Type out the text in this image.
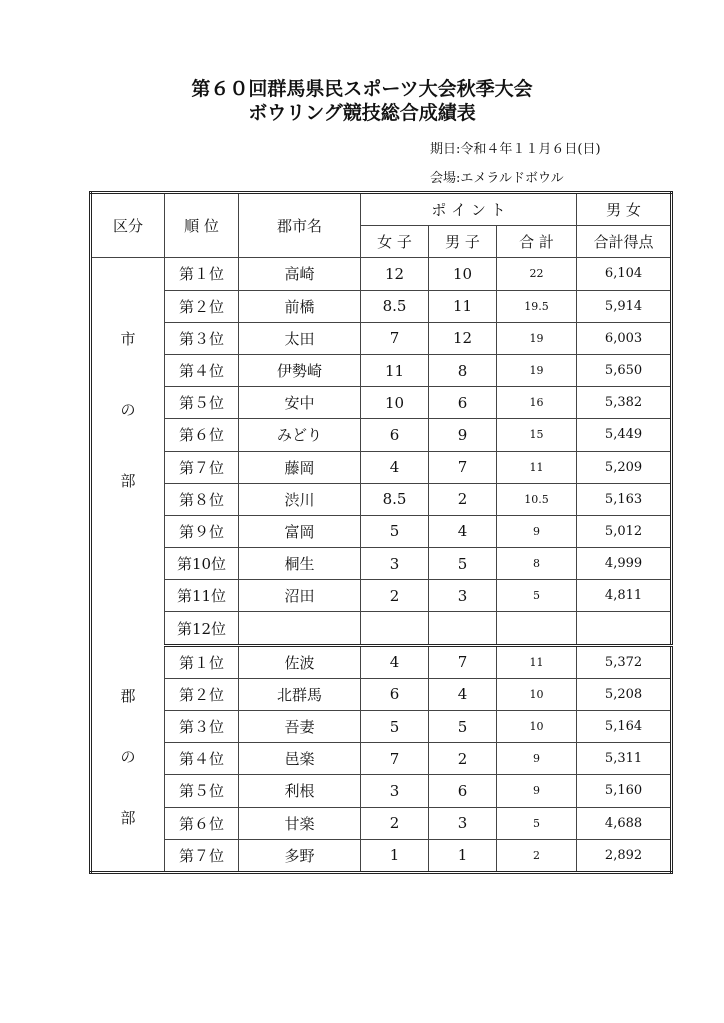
第６０回群馬県民スポーツ大会秋季大会
ボウリング競技総合成績表
期日:令和４年１１月６日(日)
会場:エメラルドボウル
区分	順 位	郡市名	ポ イ ン ト			男 女
			女 子	男 子	合 計	合計得点

市
の
部	第１位	高崎	12	10	22	6,104
	第２位	前橋	8.5	11	19.5	5,914
	第３位	太田	7	12	19	6,003
	第４位	伊勢崎	11	8	19	5,650
	第５位	安中	10	6	16	5,382
	第６位	みどり	6	9	15	5,449
	第７位	藤岡	4	7	11	5,209
	第８位	渋川	8.5	2	10.5	5,163
	第９位	富岡	5	4	9	5,012
	第10位	桐生	3	5	8	4,999
	第11位	沼田	2	3	5	4,811
	第12位					

郡
の
部	第１位	佐波	4	7	11	5,372
	第２位	北群馬	6	4	10	5,208
	第３位	吾妻	5	5	10	5,164
	第４位	邑楽	7	2	9	5,311
	第５位	利根	3	6	9	5,160
	第６位	甘楽	2	3	5	4,688
	第７位	多野	1	1	2	2,892
